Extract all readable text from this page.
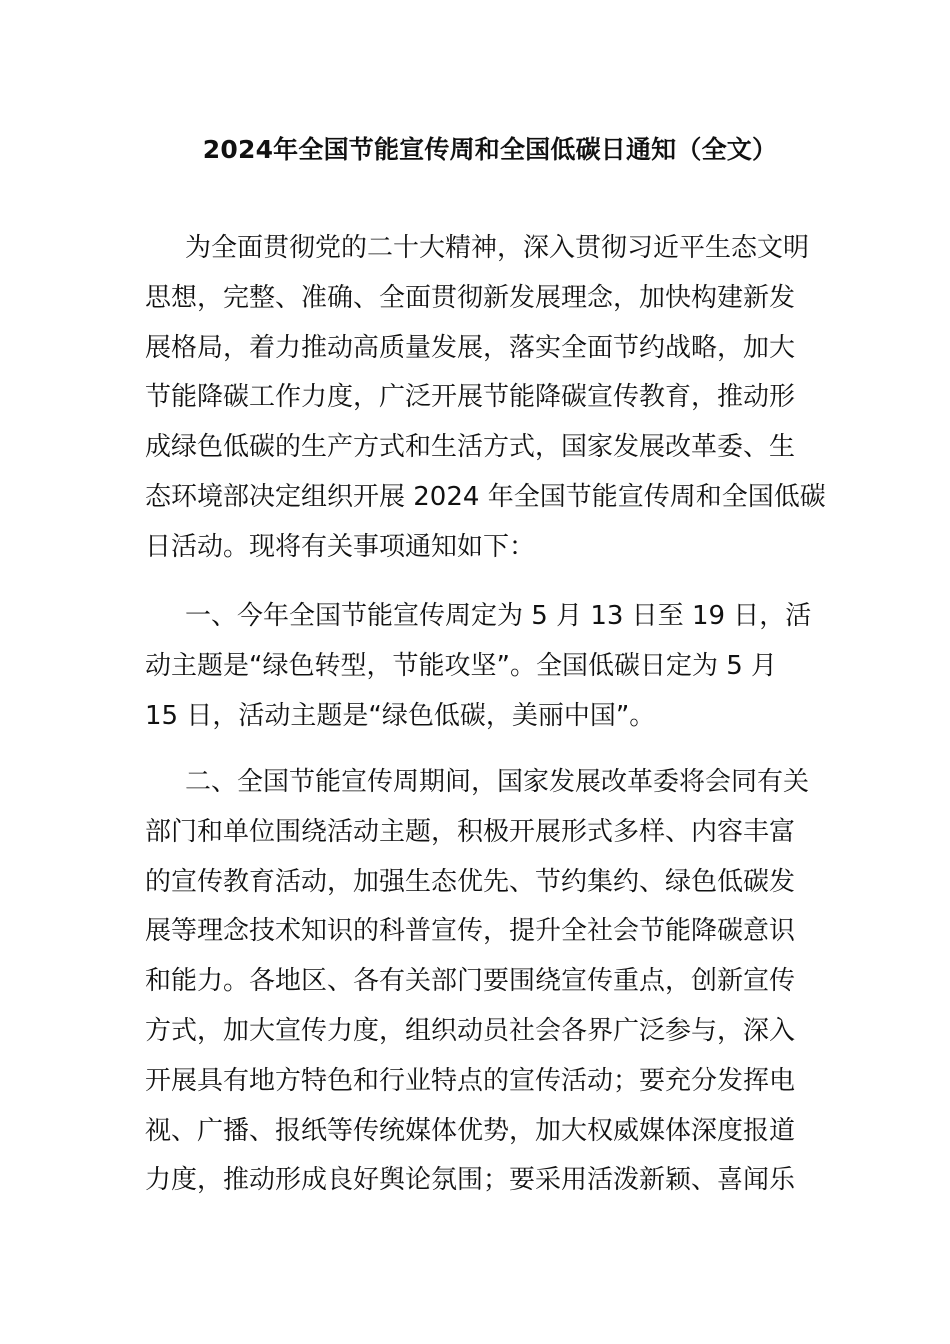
2024年全国节能宣传周和全国低碳日通知（全文）
为全面贯彻党的二十大精神，深入贯彻习近平生态文明
思想，完整、准确、全面贯彻新发展理念，加快构建新发
展格局，着力推动高质量发展，落实全面节约战略，加大
节能降碳工作力度，广泛开展节能降碳宣传教育，推动形
成绿色低碳的生产方式和生活方式，国家发展改革委、生
态环境部决定组织开展 2024 年全国节能宣传周和全国低碳
日活动。现将有关事项通知如下：
一、今年全国节能宣传周定为 5 月 13 日至 19 日，活
动主题是“绿色转型，节能攻坚”。全国低碳日定为 5 月
15 日，活动主题是“绿色低碳，美丽中国”。
二、全国节能宣传周期间，国家发展改革委将会同有关
部门和单位围绕活动主题，积极开展形式多样、内容丰富
的宣传教育活动，加强生态优先、节约集约、绿色低碳发
展等理念技术知识的科普宣传，提升全社会节能降碳意识
和能力。各地区、各有关部门要围绕宣传重点，创新宣传
方式，加大宣传力度，组织动员社会各界广泛参与，深入
开展具有地方特色和行业特点的宣传活动；要充分发挥电
视、广播、报纸等传统媒体优势，加大权威媒体深度报道
力度，推动形成良好舆论氛围；要采用活泼新颖、喜闻乐
